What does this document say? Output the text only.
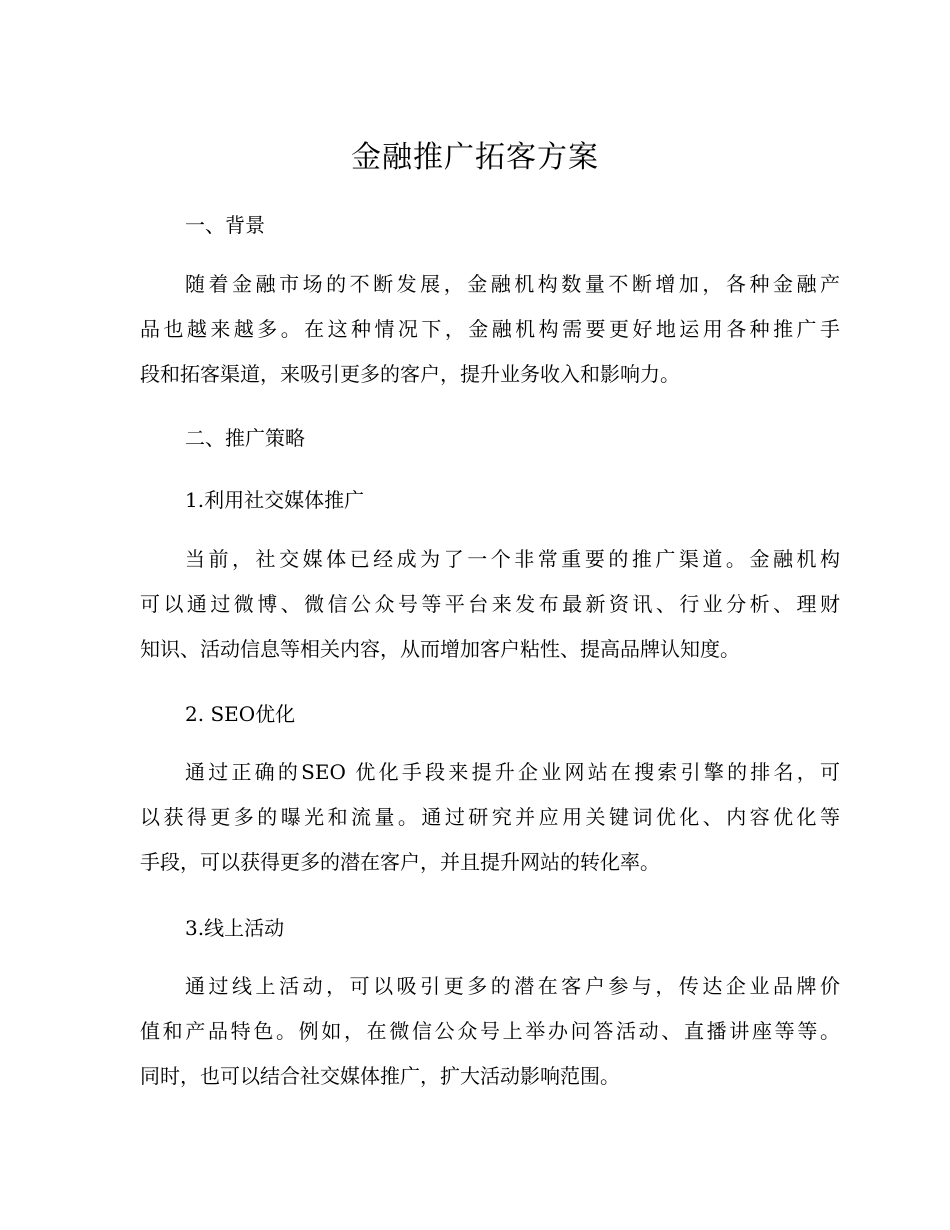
金融推广拓客方案
一、背景
随着金融市场的不断发展，金融机构数量不断增加，各种金融产
品也越来越多。在这种情况下，金融机构需要更好地运用各种推广手
段和拓客渠道，来吸引更多的客户，提升业务收入和影响力。
二、推广策略
1.利用社交媒体推广
当前，社交媒体已经成为了一个非常重要的推广渠道。金融机构
可以通过微博、微信公众号等平台来发布最新资讯、行业分析、理财
知识、活动信息等相关内容，从而增加客户粘性、提高品牌认知度。
2. SEO优化
通过正确的SEO 优化手段来提升企业网站在搜索引擎的排名，可
以获得更多的曝光和流量。通过研究并应用关键词优化、内容优化等
手段，可以获得更多的潜在客户，并且提升网站的转化率。
3.线上活动
通过线上活动，可以吸引更多的潜在客户参与，传达企业品牌价
值和产品特色。例如，在微信公众号上举办问答活动、直播讲座等等。
同时，也可以结合社交媒体推广，扩大活动影响范围。
